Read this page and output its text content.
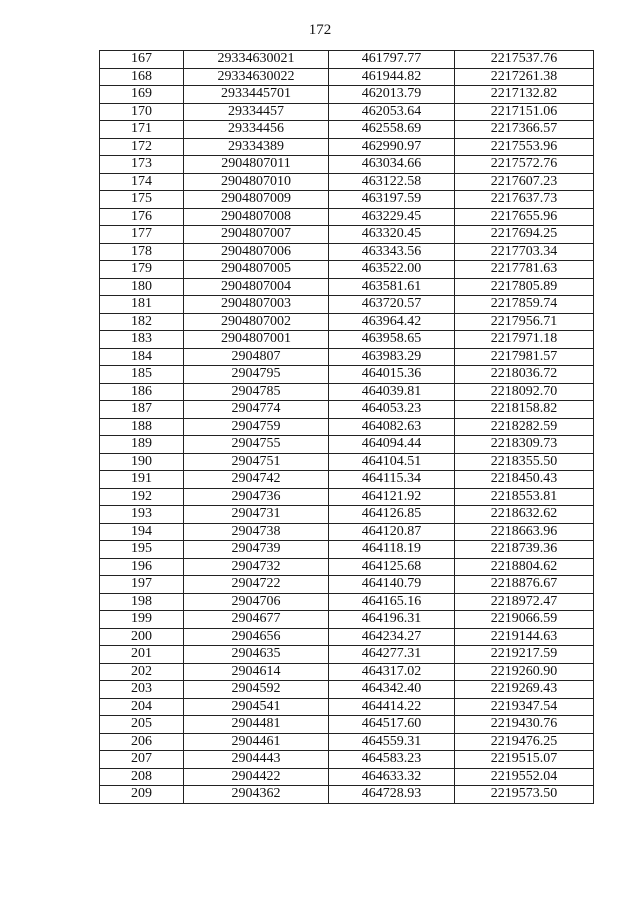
172
167	29334630021	461797.77	2217537.76
168	29334630022	461944.82	2217261.38
169	2933445701	462013.79	2217132.82
170	29334457	462053.64	2217151.06
171	29334456	462558.69	2217366.57
172	29334389	462990.97	2217553.96
173	2904807011	463034.66	2217572.76
174	2904807010	463122.58	2217607.23
175	2904807009	463197.59	2217637.73
176	2904807008	463229.45	2217655.96
177	2904807007	463320.45	2217694.25
178	2904807006	463343.56	2217703.34
179	2904807005	463522.00	2217781.63
180	2904807004	463581.61	2217805.89
181	2904807003	463720.57	2217859.74
182	2904807002	463964.42	2217956.71
183	2904807001	463958.65	2217971.18
184	2904807	463983.29	2217981.57
185	2904795	464015.36	2218036.72
186	2904785	464039.81	2218092.70
187	2904774	464053.23	2218158.82
188	2904759	464082.63	2218282.59
189	2904755	464094.44	2218309.73
190	2904751	464104.51	2218355.50
191	2904742	464115.34	2218450.43
192	2904736	464121.92	2218553.81
193	2904731	464126.85	2218632.62
194	2904738	464120.87	2218663.96
195	2904739	464118.19	2218739.36
196	2904732	464125.68	2218804.62
197	2904722	464140.79	2218876.67
198	2904706	464165.16	2218972.47
199	2904677	464196.31	2219066.59
200	2904656	464234.27	2219144.63
201	2904635	464277.31	2219217.59
202	2904614	464317.02	2219260.90
203	2904592	464342.40	2219269.43
204	2904541	464414.22	2219347.54
205	2904481	464517.60	2219430.76
206	2904461	464559.31	2219476.25
207	2904443	464583.23	2219515.07
208	2904422	464633.32	2219552.04
209	2904362	464728.93	2219573.50
